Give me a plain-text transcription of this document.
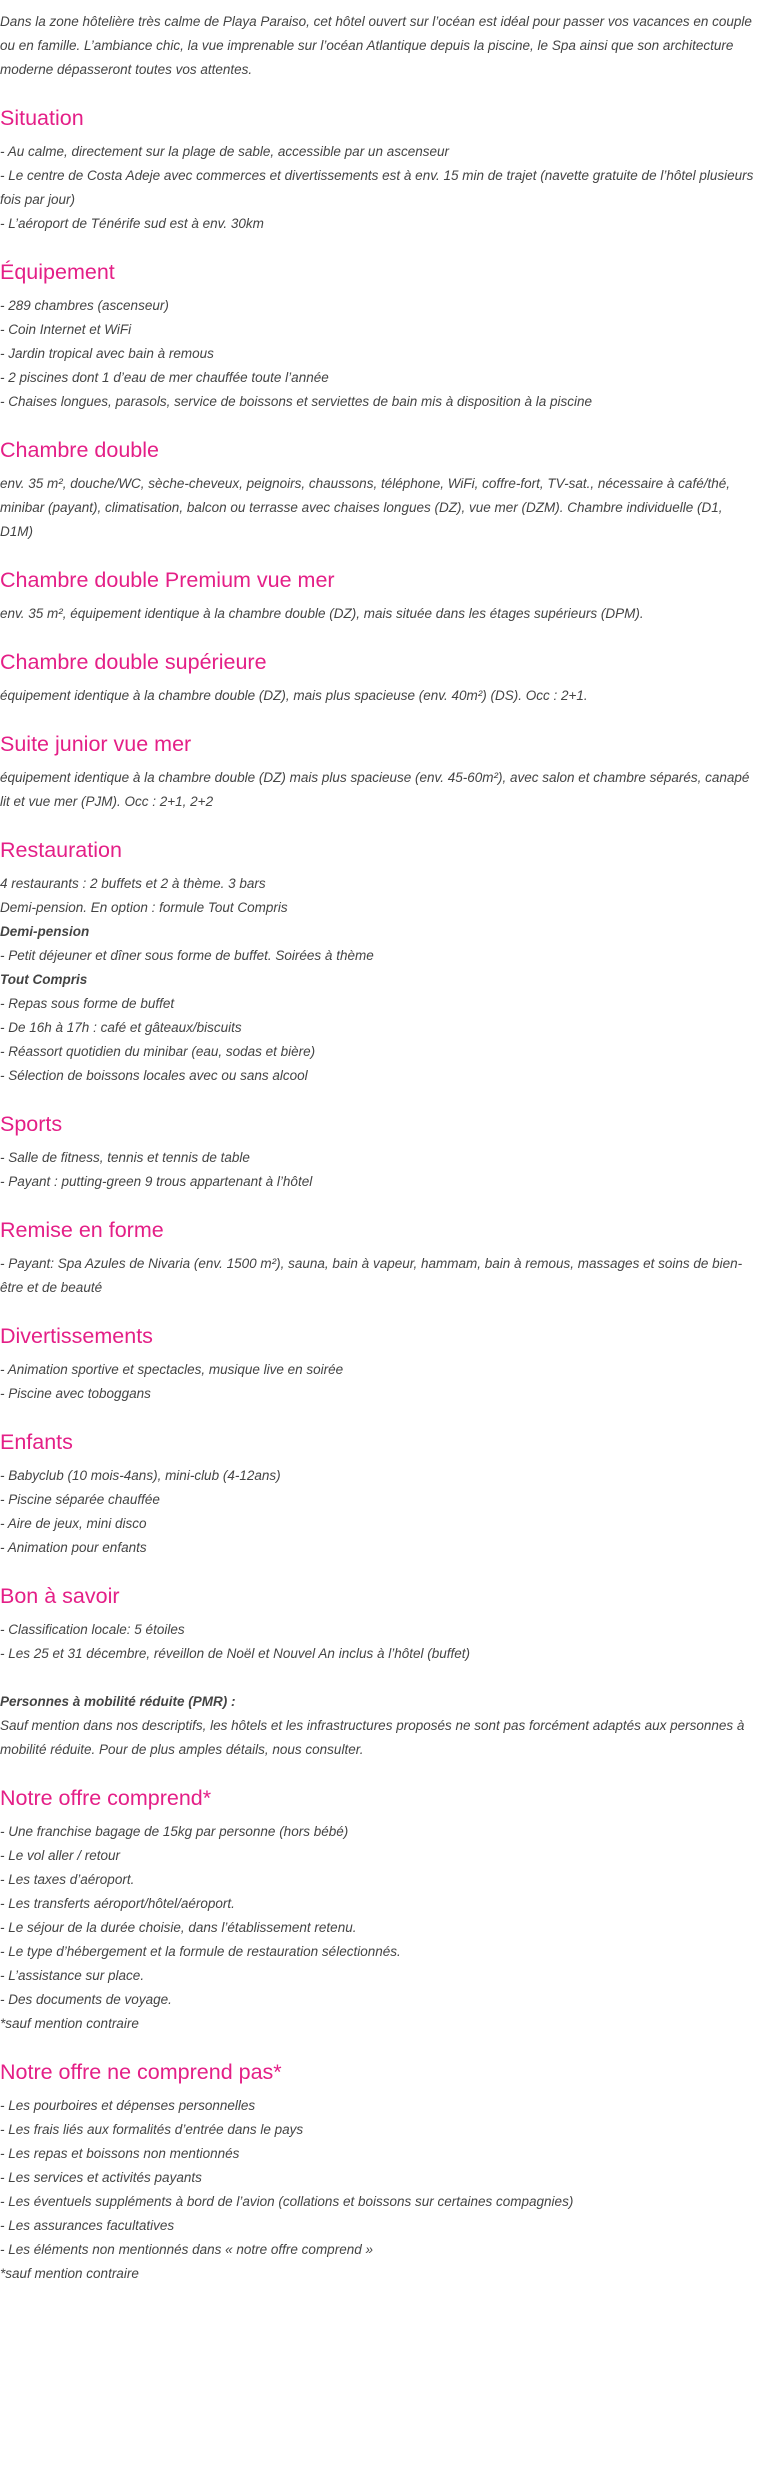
Dans la zone hôtelière très calme de Playa Paraiso, cet hôtel ouvert sur l’océan est idéal pour passer vos vacances en couple ou en famille. L’ambiance chic, la vue imprenable sur l’océan Atlantique depuis la piscine, le Spa ainsi que son architecture moderne dépasseront toutes vos attentes.

Situation
- Au calme, directement sur la plage de sable, accessible par un ascenseur
- Le centre de Costa Adeje avec commerces et divertissements est à env. 15 min de trajet (navette gratuite de l’hôtel plusieurs fois par jour)
- L’aéroport de Ténérife sud est à env. 30km
Équipement
- 289 chambres (ascenseur)
- Coin Internet et WiFi
- Jardin tropical avec bain à remous
- 2 piscines dont 1 d’eau de mer chauffée toute l’année
- Chaises longues, parasols, service de boissons et serviettes de bain mis à disposition à la piscine
Chambre double
env. 35 m², douche/WC, sèche-cheveux, peignoirs, chaussons, téléphone, WiFi, coffre-fort, TV-sat., nécessaire à café/thé, minibar (payant), climatisation, balcon ou terrasse avec chaises longues (DZ), vue mer (DZM). Chambre individuelle (D1, D1M)
Chambre double Premium vue mer
env. 35 m², équipement identique à la chambre double (DZ), mais située dans les étages supérieurs (DPM).
Chambre double supérieure
équipement identique à la chambre double (DZ), mais plus spacieuse (env. 40m²) (DS). Occ : 2+1.
Suite junior vue mer
équipement identique à la chambre double (DZ) mais plus spacieuse (env. 45-60m²), avec salon et chambre séparés, canapé lit et vue mer (PJM). Occ : 2+1, 2+2
Restauration
4 restaurants : 2 buffets et 2 à thème. 3 bars
Demi-pension. En option : formule Tout Compris
Demi-pension
- Petit déjeuner et dîner sous forme de buffet. Soirées à thème
Tout Compris
- Repas sous forme de buffet
- De 16h à 17h : café et gâteaux/biscuits
- Réassort quotidien du minibar (eau, sodas et bière)
- Sélection de boissons locales avec ou sans alcool
Sports
- Salle de fitness, tennis et tennis de table
- Payant : putting-green 9 trous appartenant à l’hôtel
Remise en forme
- Payant: Spa Azules de Nivaria (env. 1500 m²), sauna, bain à vapeur, hammam, bain à remous, massages et soins de bien-être et de beauté
Divertissements
- Animation sportive et spectacles, musique live en soirée
- Piscine avec toboggans
Enfants
- Babyclub (10 mois-4ans), mini-club (4-12ans)
- Piscine séparée chauffée
- Aire de jeux, mini disco
- Animation pour enfants
Bon à savoir
- Classification locale: 5 étoiles
- Les 25 et 31 décembre, réveillon de Noël et Nouvel An inclus à l’hôtel (buffet)
Personnes à mobilité réduite (PMR) :
Sauf mention dans nos descriptifs, les hôtels et les infrastructures proposés ne sont pas forcément adaptés aux personnes à mobilité réduite. Pour de plus amples détails, nous consulter.
Notre offre comprend*
- Une franchise bagage de 15kg par personne (hors bébé)
- Le vol aller / retour
- Les taxes d’aéroport.
- Les transferts aéroport/hôtel/aéroport.
- Le séjour de la durée choisie, dans l’établissement retenu.
- Le type d’hébergement et la formule de restauration sélectionnés.
- L’assistance sur place.
- Des documents de voyage.
*sauf mention contraire
Notre offre ne comprend pas*
- Les pourboires et dépenses personnelles
- Les frais liés aux formalités d’entrée dans le pays
- Les repas et boissons non mentionnés
- Les services et activités payants
- Les éventuels suppléments à bord de l’avion (collations et boissons sur certaines compagnies)
- Les assurances facultatives
- Les éléments non mentionnés dans « notre offre comprend »
*sauf mention contraire
